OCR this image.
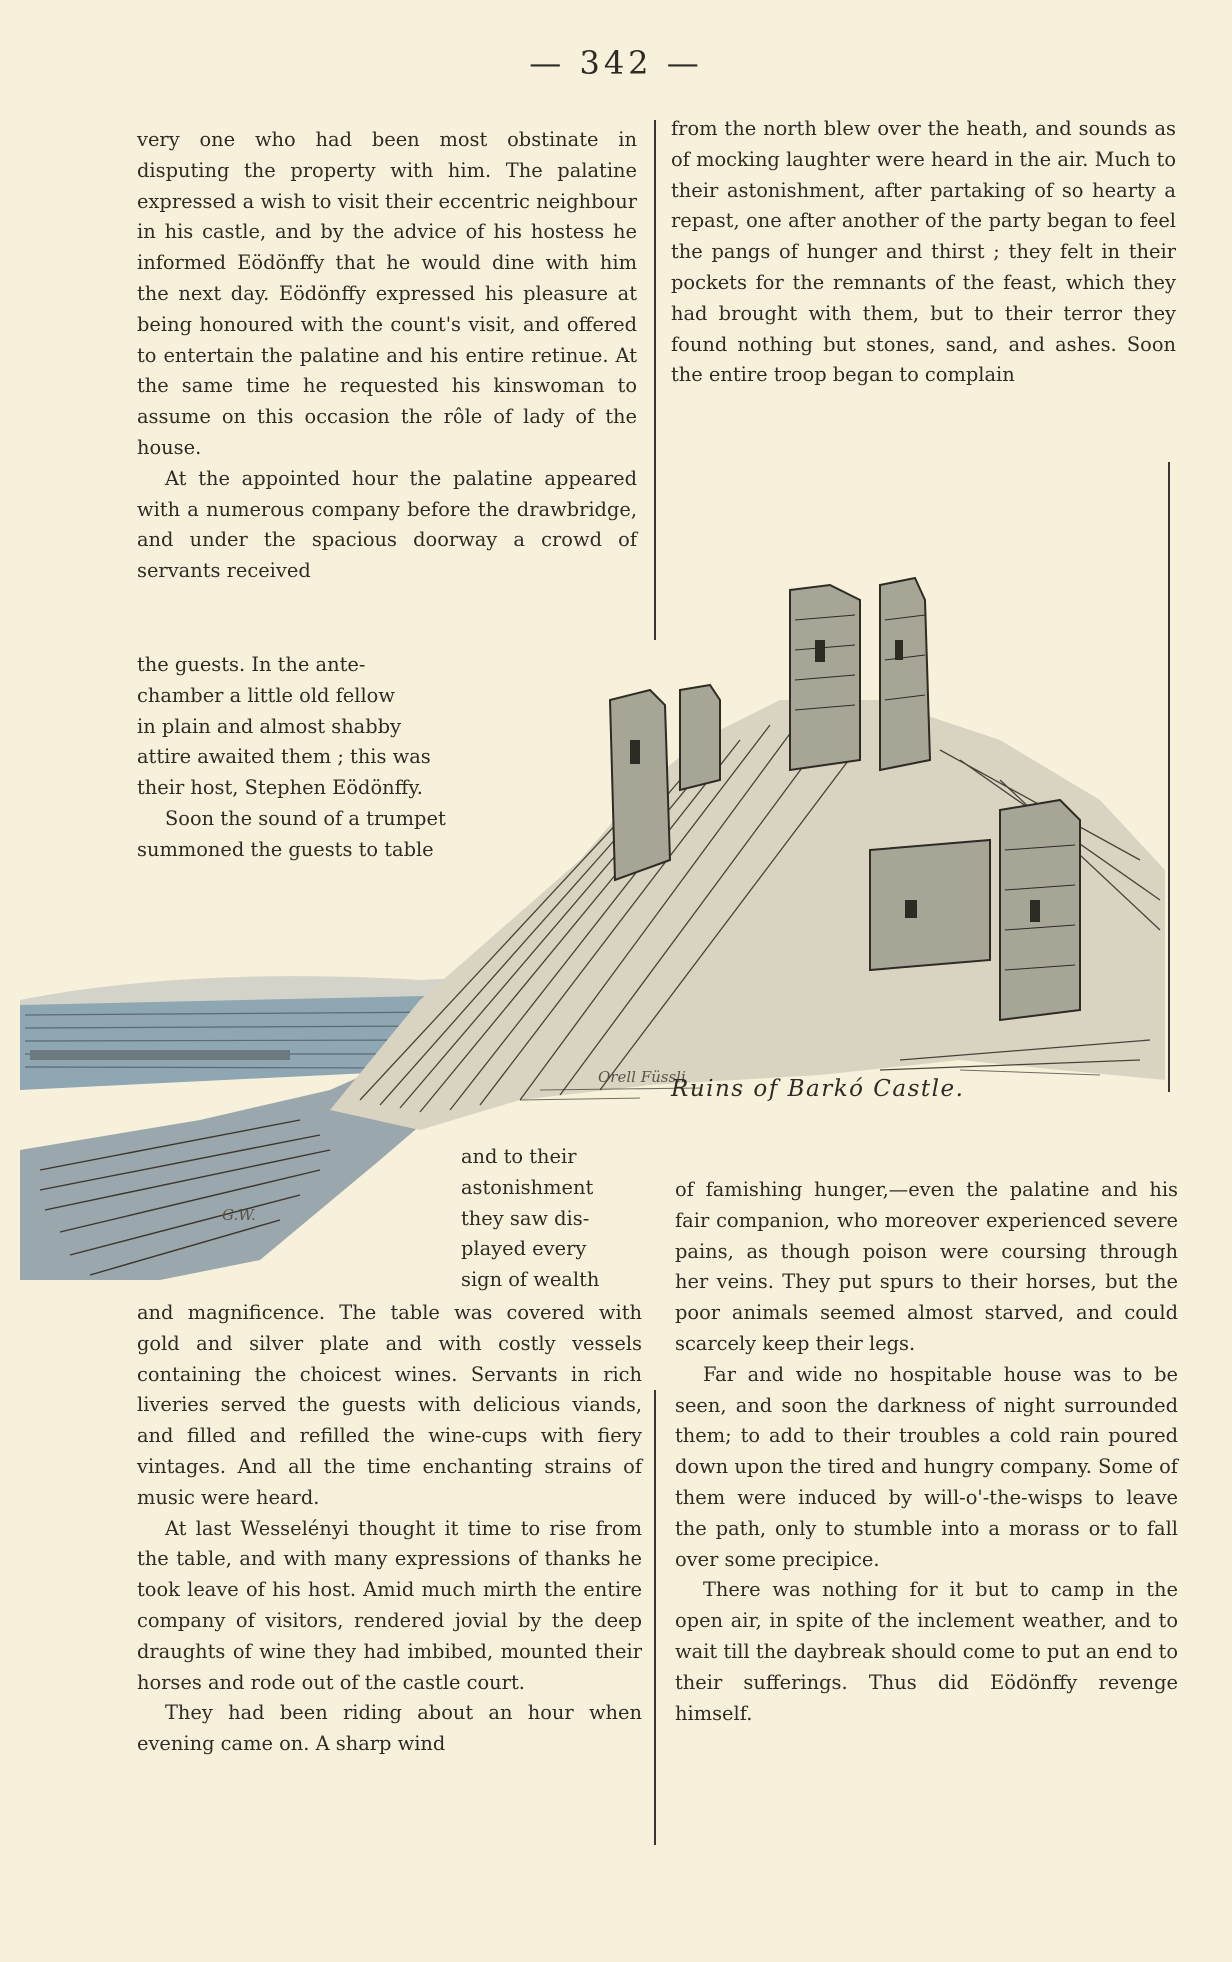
— 342 —

very one who had been most obstinate in disputing the property with him. The palatine expressed a wish to visit their eccentric neighbour in his castle, and by the advice of his hostess he informed Eödönffy that he would dine with him the next day. Eödönffy expressed his pleasure at being honoured with the count's visit, and offered to entertain the palatine and his entire retinue. At the same time he requested his kinswoman to assume on this occasion the rôle of lady of the house.

At the appointed hour the palatine appeared with a numerous company before the drawbridge, and under the spacious doorway a crowd of servants received

from the north blew over the heath, and sounds as of mocking laughter were heard in the air. Much to their astonishment, after partaking of so hearty a repast, one after another of the party began to feel the pangs of hunger and thirst ; they felt in their pockets for the remnants of the feast, which they had brought with them, but to their terror they found nothing but stones, sand, and ashes. Soon the entire troop began to complain

Orell Füssli
G.W.

the guests. In the ante-

chamber a little old fellow

in plain and almost shabby

attire awaited them ; this was

their host, Stephen Eödönffy.

Soon the sound of a trumpet

summoned the guests to table

and to their

astonishment

they saw dis-

played every

sign of wealth

Ruins of Barkó Castle.

and magnificence. The table was covered with gold and silver plate and with costly vessels containing the choicest wines. Servants in rich liveries served the guests with delicious viands, and filled and refilled the wine-cups with fiery vintages. And all the time enchanting strains of music were heard.

At last Wesselényi thought it time to rise from the table, and with many expressions of thanks he took leave of his host. Amid much mirth the entire company of visitors, rendered jovial by the deep draughts of wine they had imbibed, mounted their horses and rode out of the castle court.

They had been riding about an hour when evening came on. A sharp wind

of famishing hunger,—even the palatine and his fair companion, who moreover experienced severe pains, as though poison were coursing through her veins. They put spurs to their horses, but the poor animals seemed almost starved, and could scarcely keep their legs.

Far and wide no hospitable house was to be seen, and soon the darkness of night surrounded them; to add to their troubles a cold rain poured down upon the tired and hungry company. Some of them were induced by will-o'-the-wisps to leave the path, only to stumble into a morass or to fall over some precipice.

There was nothing for it but to camp in the open air, in spite of the inclement weather, and to wait till the daybreak should come to put an end to their sufferings. Thus did Eödönffy revenge himself.
